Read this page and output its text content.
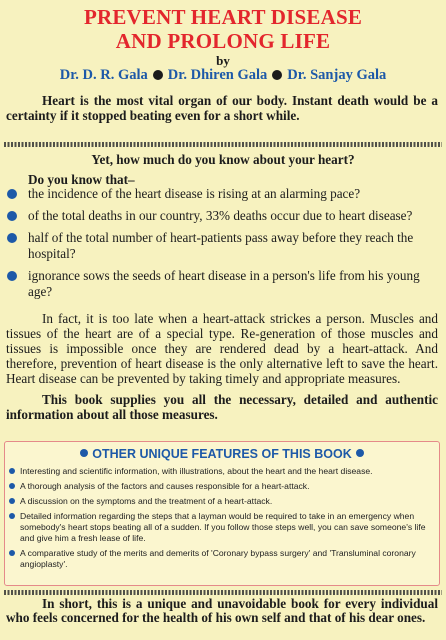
PREVENT HEART DISEASE
AND PROLONG LIFE
by
Dr. D. R. Gala Dr. Dhiren Gala Dr. Sanjay Gala

Heart is the most vital organ of our body. Instant death would be a certainty if it stopped beating even for a short while.

Yet, how much do you know about your heart?
Do you know that–
the incidence of the heart disease is rising at an alarming pace?
of the total deaths in our country, 33% deaths occur due to heart disease?
half of the total number of heart-patients pass away before they reach the hospital?
ignorance sows the seeds of heart disease in a person's life from his young age?

In fact, it is too late when a heart-attack strickes a person. Muscles and tissues of the heart are of a special type. Re-generation of those muscles and tissues is impossible once they are rendered dead by a heart-attack. And therefore, prevention of heart disease is the only alternative left to save the heart. Heart disease can be prevented by taking timely and appropriate measures.

This book supplies you all the necessary, detailed and authentic information about all those measures.

OTHER UNIQUE FEATURES OF THIS BOOK
Interesting and scientific information, with illustrations, about the heart and the heart disease.
A thorough analysis of the factors and causes responsible for a heart-attack.
A discussion on the symptoms and the treatment of a heart-attack.
Detailed information regarding the steps that a layman would be required to take in an emergency when somebody's heart stops beating all of a sudden. If you follow those steps well, you can save someone's life and give him a fresh lease of life.
A comparative study of the merits and demerits of 'Coronary bypass surgery' and 'Transluminal coronary angioplasty'.

In short, this is a unique and unavoidable book for every individual who feels concerned for the health of his own self and that of his dear ones.
